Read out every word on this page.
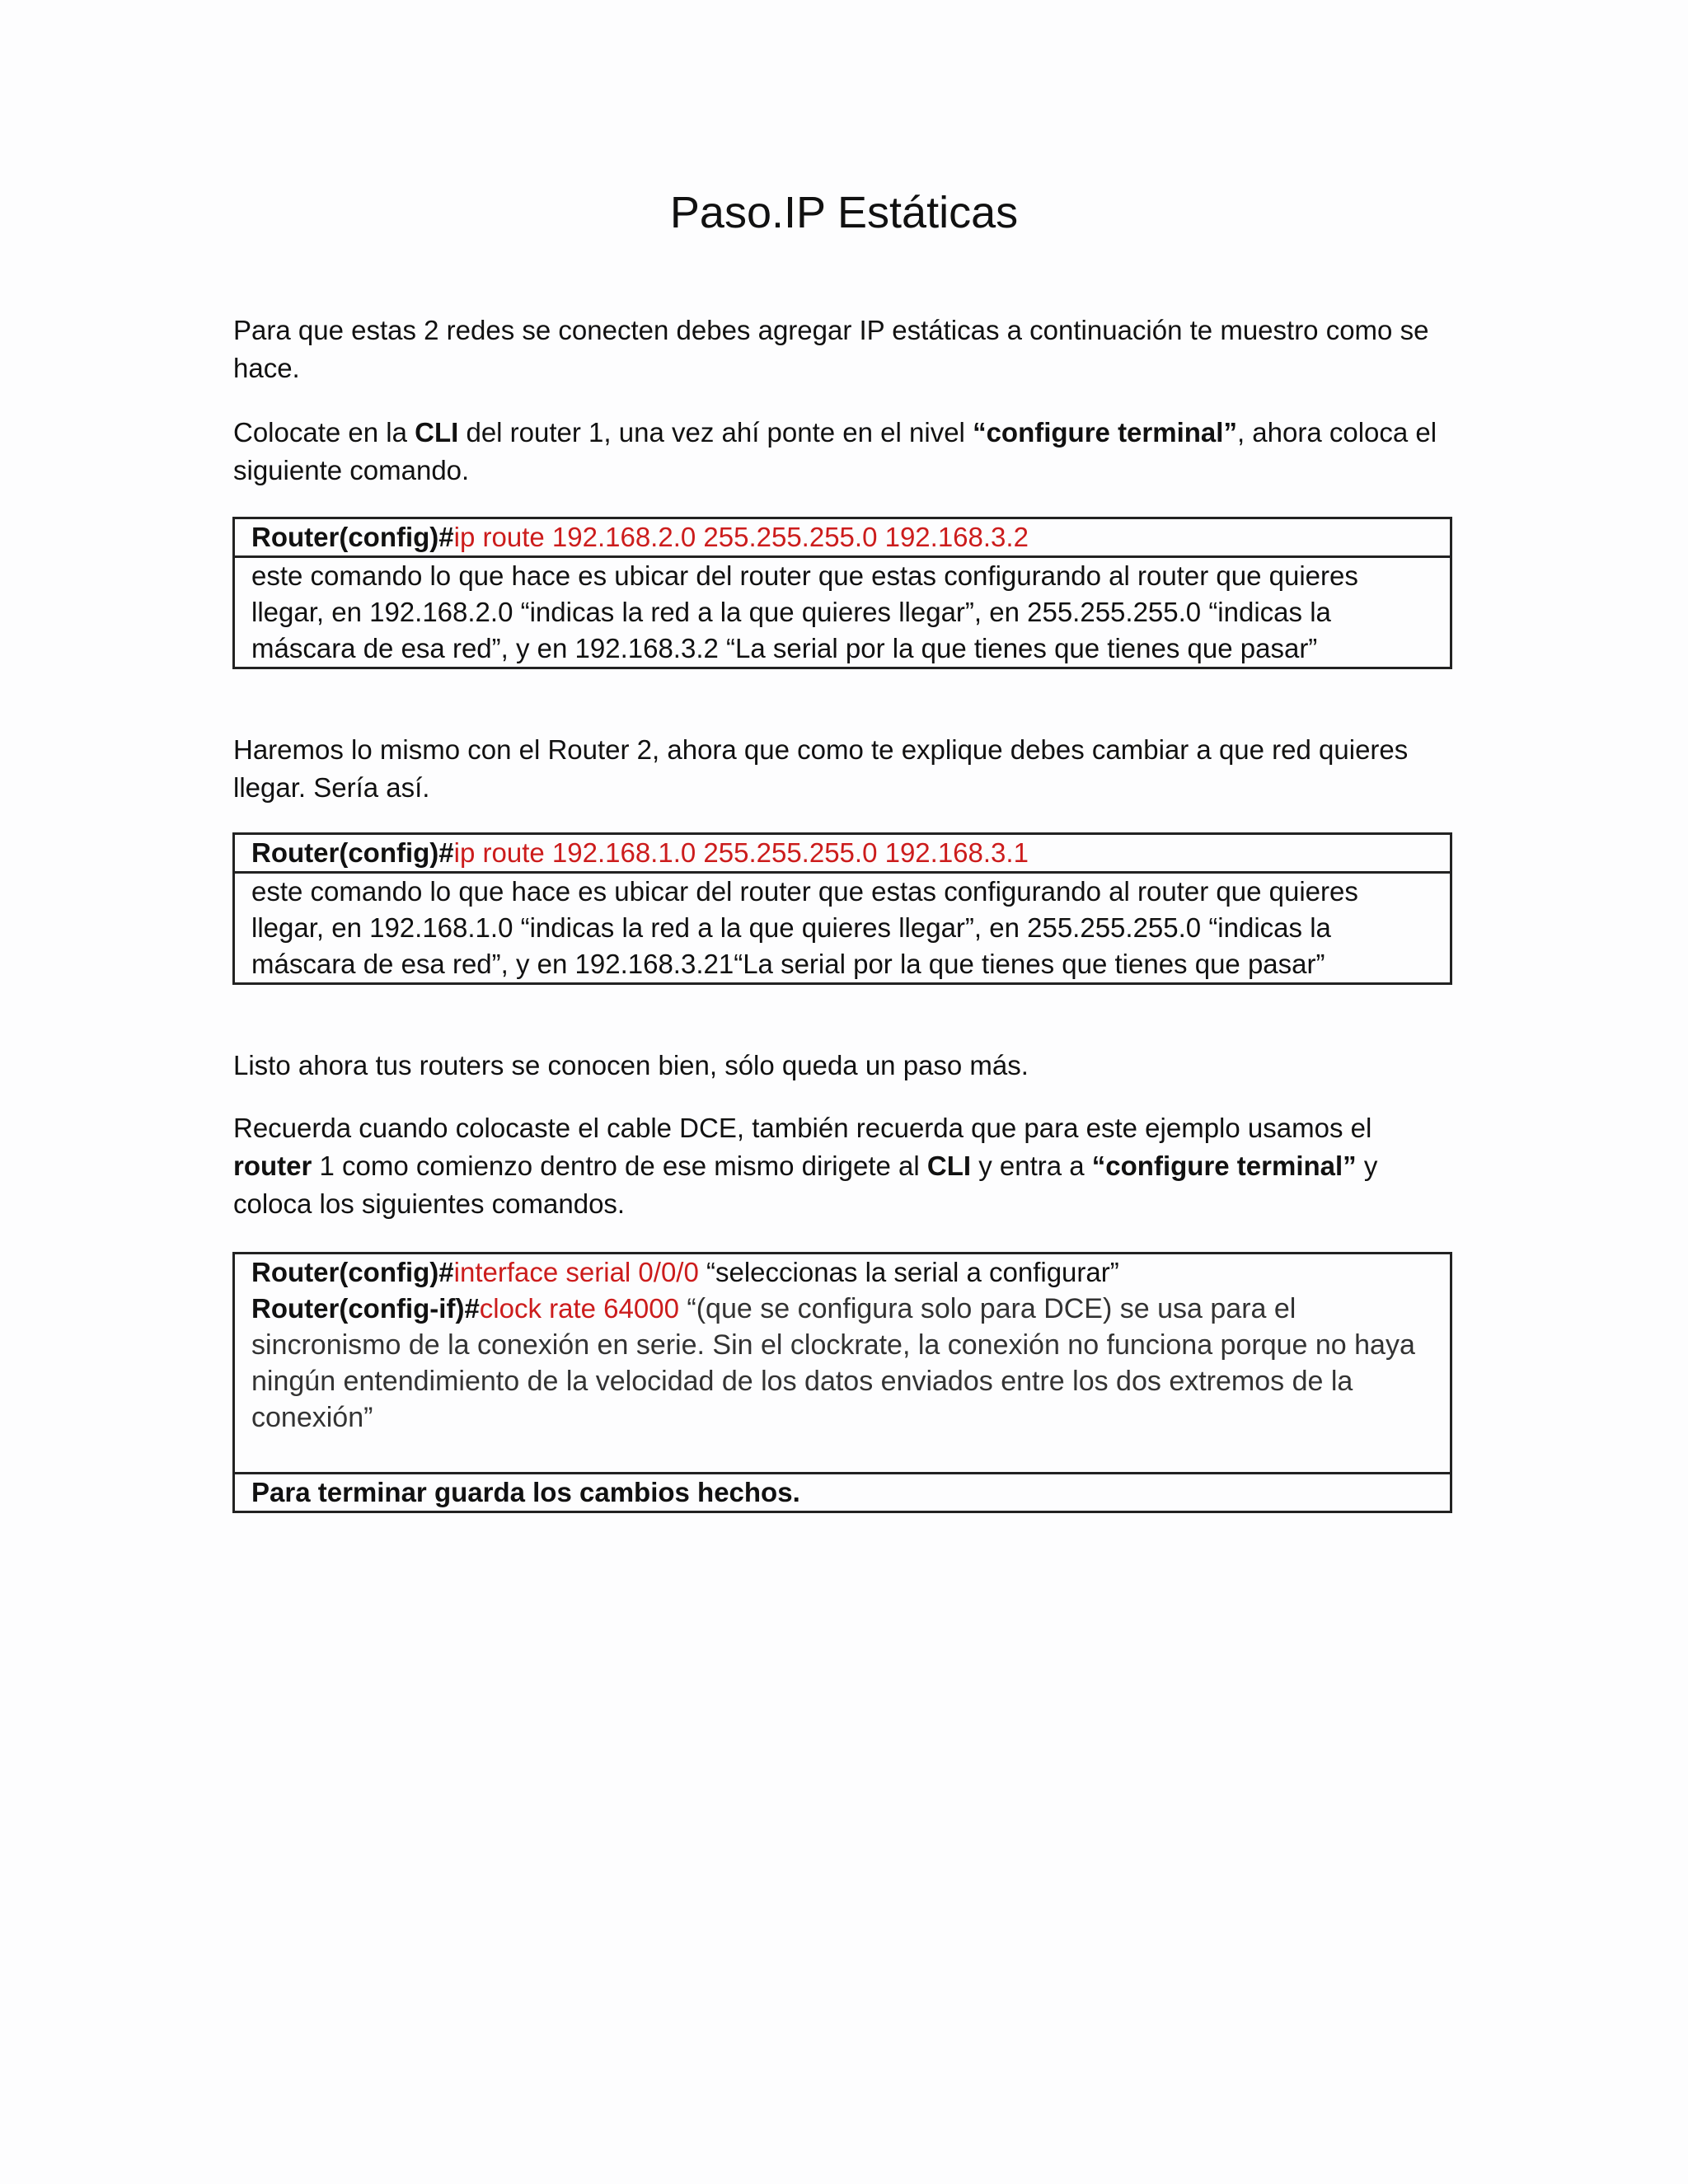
Paso.IP Estáticas

Para que estas 2 redes se conecten debes agregar IP estáticas a continuación te muestro como se hace.

Colocate en la CLI del router 1, una vez ahí ponte en el nivel “configure terminal”, ahora coloca el siguiente comando.

Router(config)#ip route 192.168.2.0 255.255.255.0 192.168.3.2
este comando lo que hace es ubicar del router que estas configurando al router que quieres llegar, en 192.168.2.0 “indicas la red a la que quieres llegar”, en 255.255.255.0 “indicas la máscara de esa red”, y en 192.168.3.2 “La serial por la que tienes que tienes que pasar”

Haremos lo mismo con el Router 2, ahora que como te explique debes cambiar a que red quieres llegar. Sería así.

Router(config)#ip route 192.168.1.0 255.255.255.0 192.168.3.1
este comando lo que hace es ubicar del router que estas configurando al router que quieres llegar, en 192.168.1.0 “indicas la red a la que quieres llegar”, en 255.255.255.0 “indicas la máscara de esa red”, y en 192.168.3.21“La serial por la que tienes que tienes que pasar”

Listo ahora tus routers se conocen bien, sólo queda un paso más.

Recuerda cuando colocaste el cable DCE, también recuerda que para este ejemplo usamos el router 1 como comienzo dentro de ese mismo dirigete al CLI y entra a “configure terminal” y coloca los siguientes comandos.

Router(config)#interface serial 0/0/0 “seleccionas la serial a configurar”
Router(config-if)#clock rate 64000 “(que se configura solo para DCE) se usa para el sincronismo de la conexión en serie. Sin el clockrate, la conexión no funciona porque no haya ningún entendimiento de la velocidad de los datos enviados entre los dos extremos de la conexión”
Para terminar guarda los cambios hechos.
